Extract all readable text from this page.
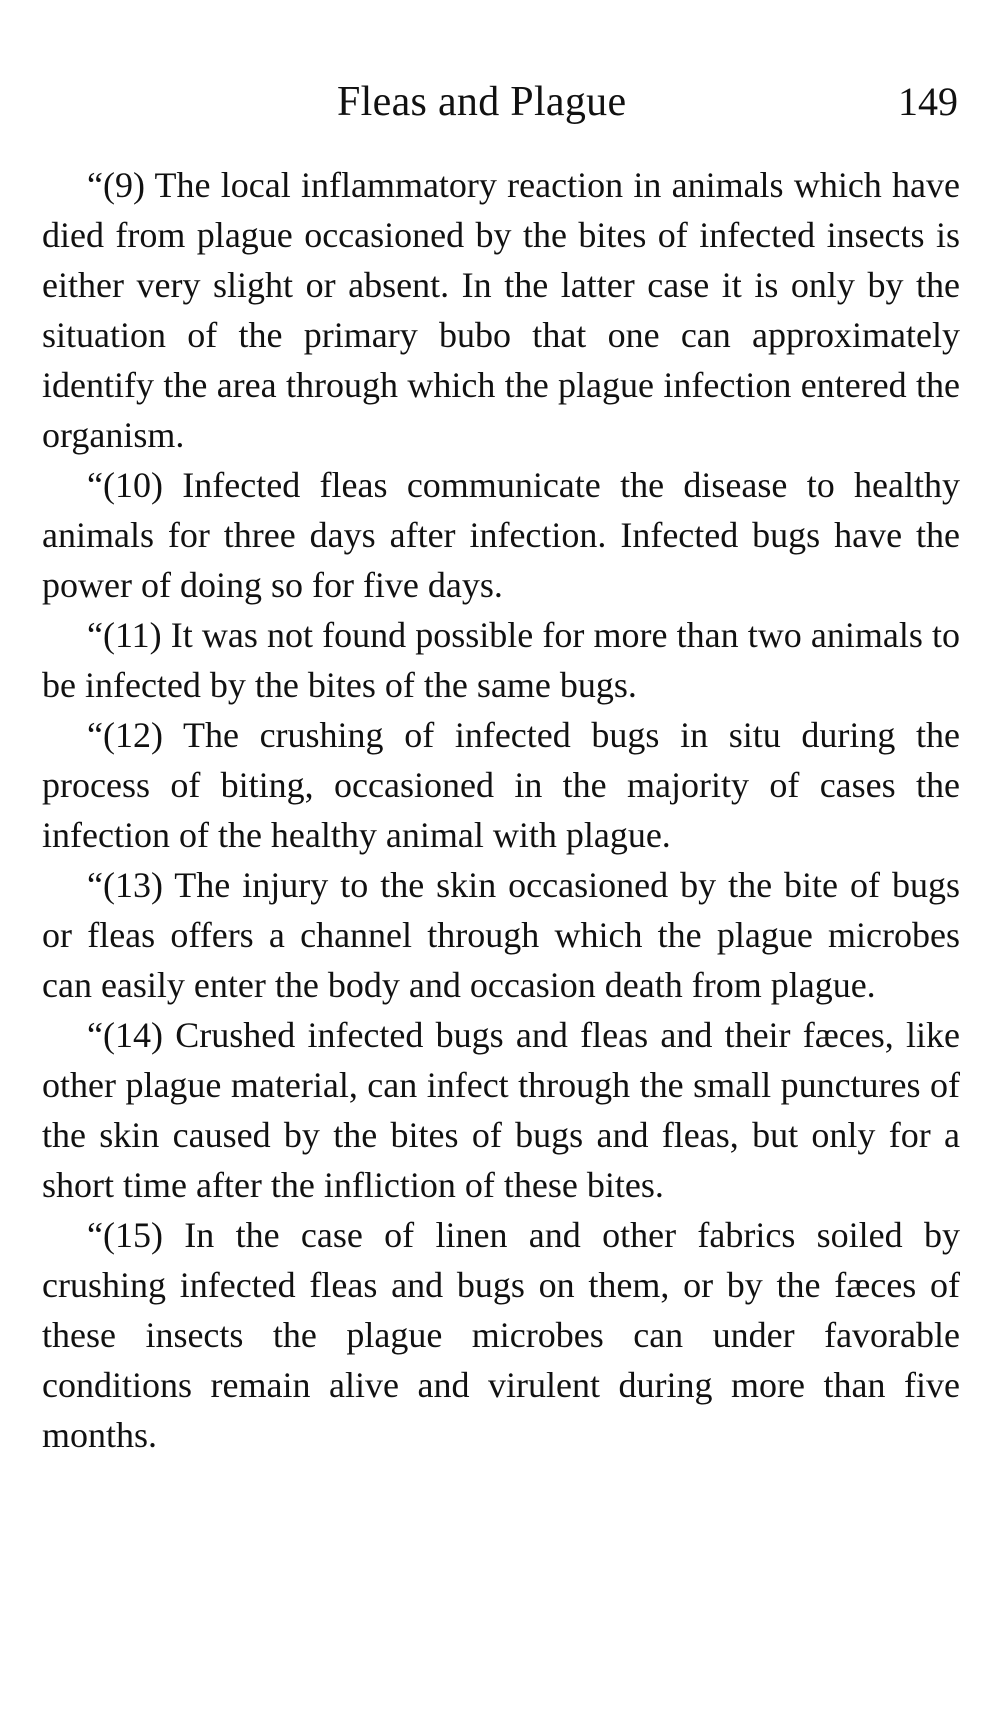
Fleas and Plague	149

“(9) The local inflammatory reaction in animals which have died from plague occasioned by the bites of infected insects is either very slight or absent. In the latter case it is only by the situation of the primary bubo that one can approximately identify the area through which the plague infection entered the organism.

“(10) Infected fleas communicate the disease to healthy animals for three days after infection. Infected bugs have the power of doing so for five days.

“(11) It was not found possible for more than two animals to be infected by the bites of the same bugs.

“(12) The crushing of infected bugs in situ during the process of biting, occasioned in the majority of cases the infection of the healthy animal with plague.

“(13) The injury to the skin occasioned by the bite of bugs or fleas offers a channel through which the plague microbes can easily enter the body and occasion death from plague.

“(14) Crushed infected bugs and fleas and their fæces, like other plague material, can infect through the small punctures of the skin caused by the bites of bugs and fleas, but only for a short time after the infliction of these bites.

“(15) In the case of linen and other fabrics soiled by crushing infected fleas and bugs on them, or by the fæces of these insects the plague microbes can under favorable conditions remain alive and virulent during more than five months.
